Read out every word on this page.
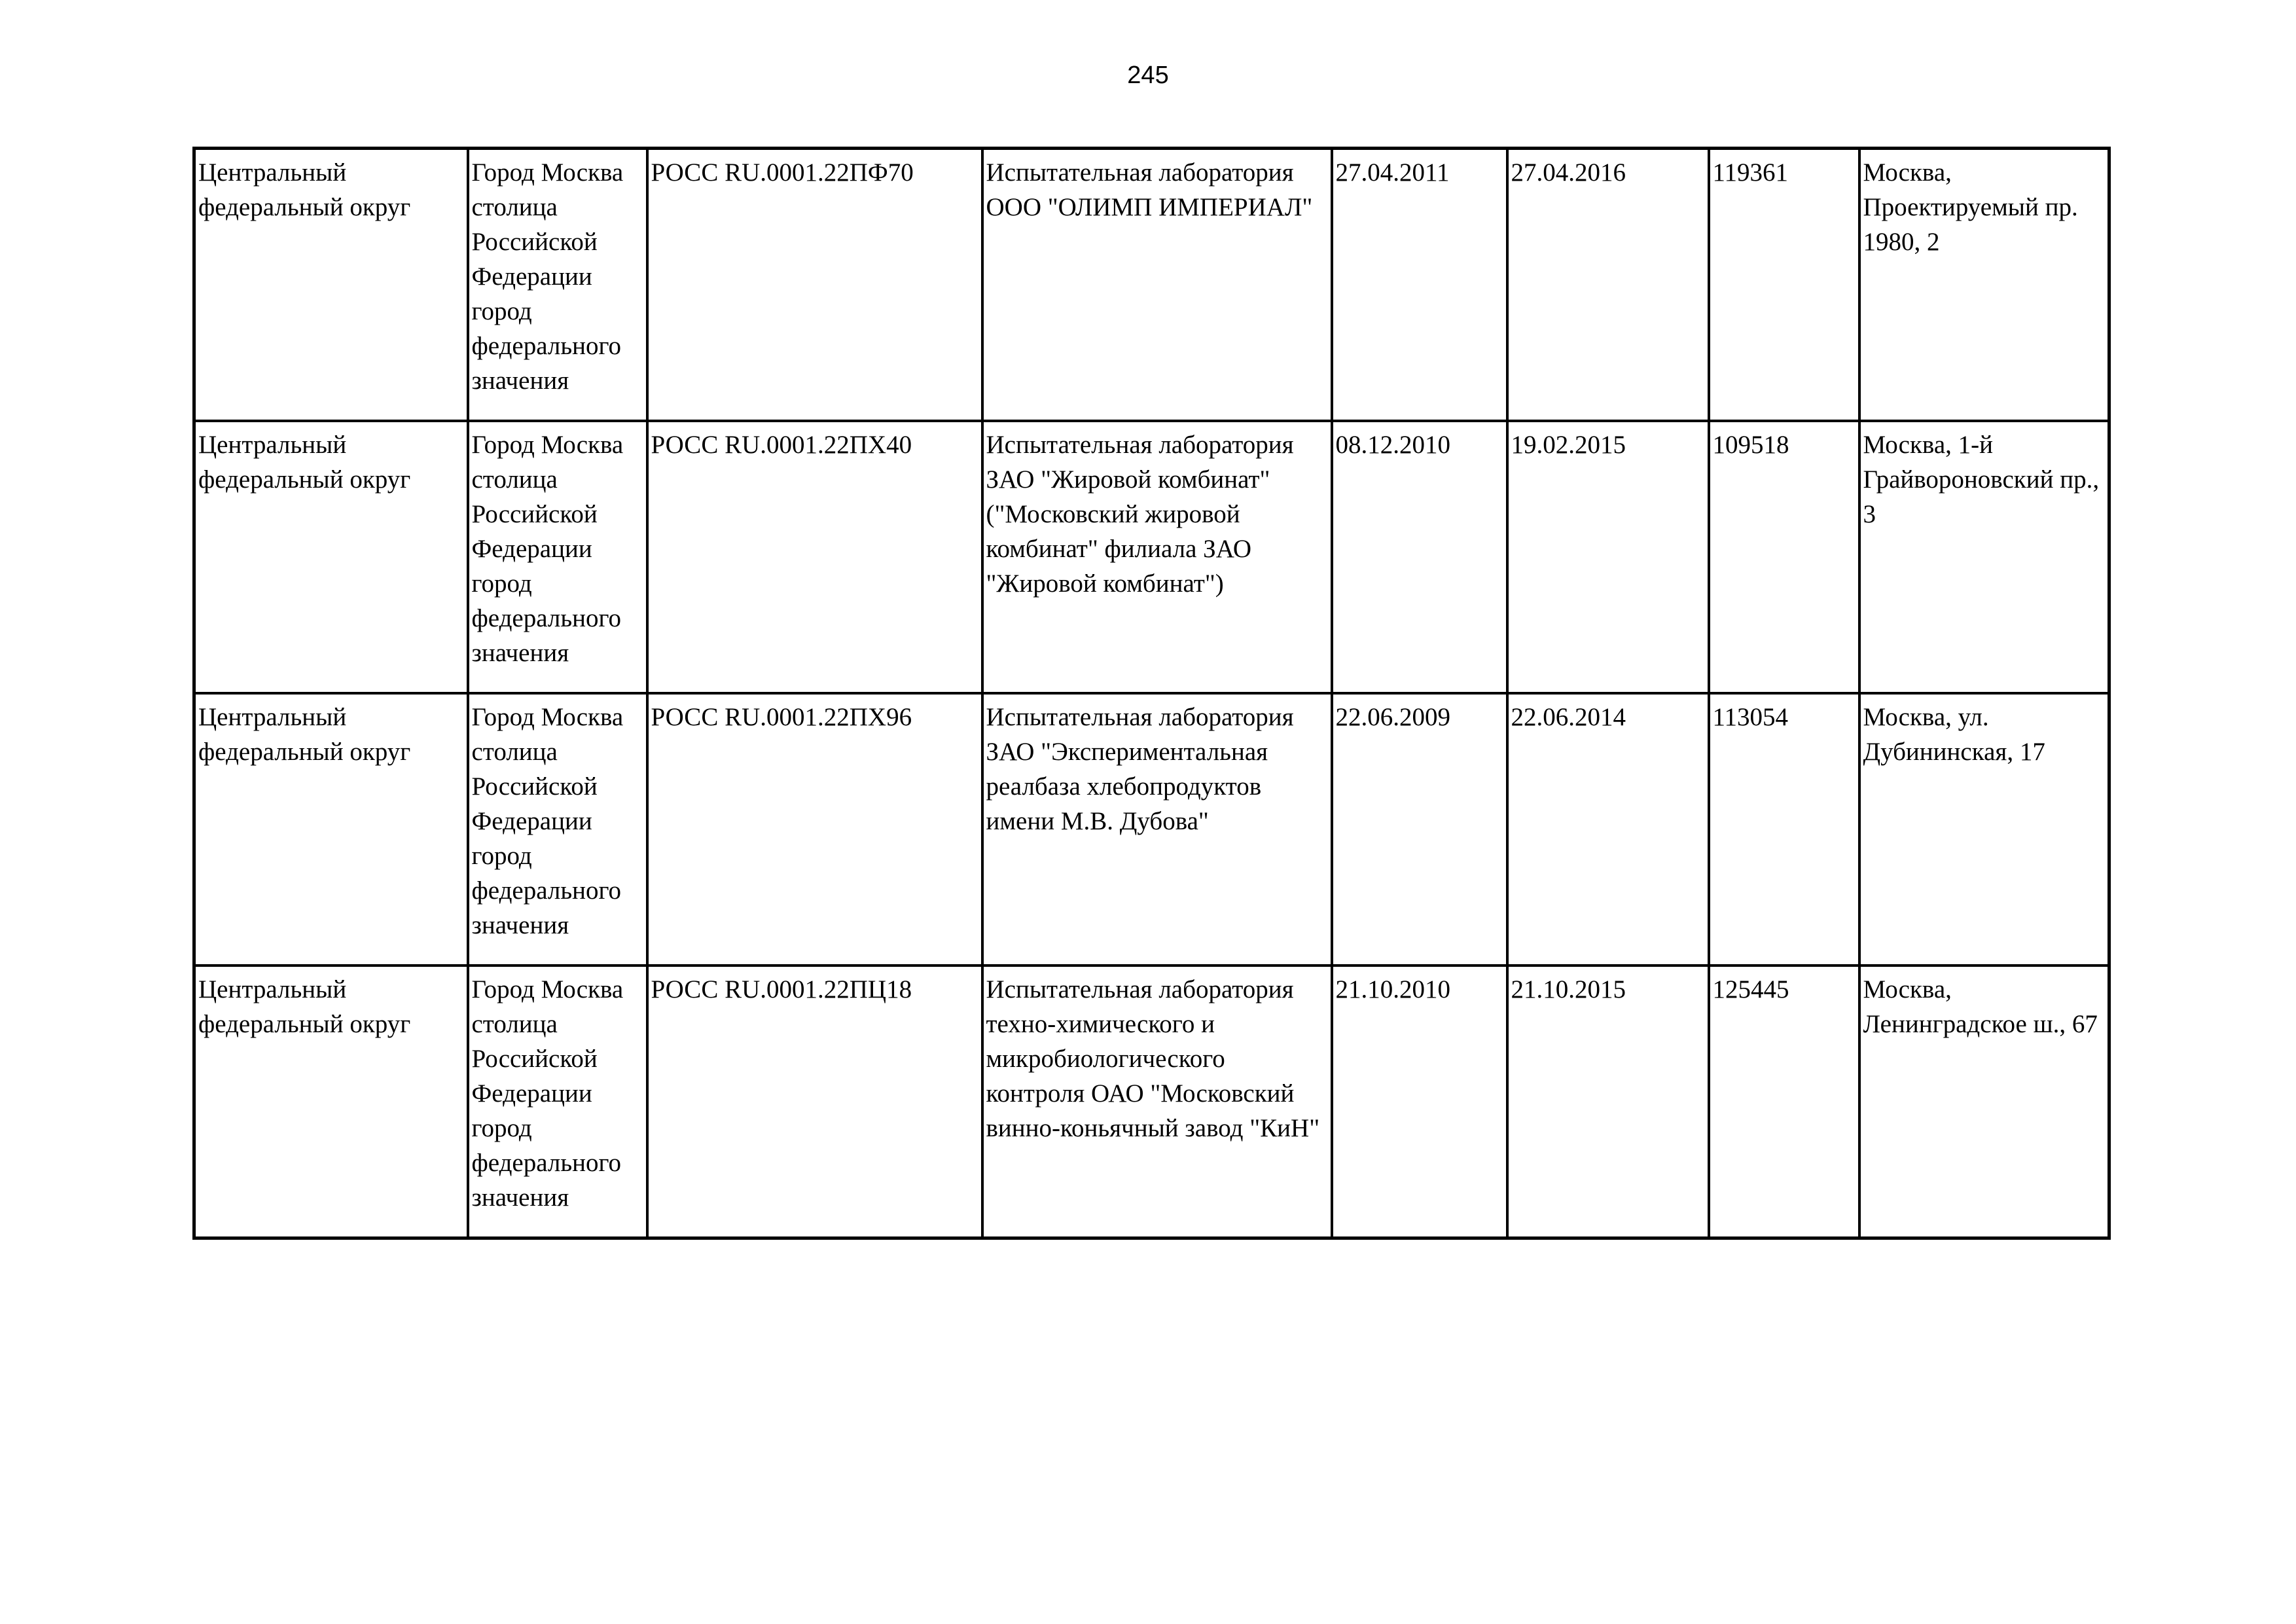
245
Центральный федеральный округ	Город Москва столица Российской Федерации город федерального значения	РОСС RU.0001.22ПФ70	Испытательная лаборатория ООО "ОЛИМП ИМПЕРИАЛ"	27.04.2011	27.04.2016	119361	Москва, Проектируемый пр. 1980, 2

Центральный федеральный округ	Город Москва столица Российской Федерации город федерального значения	РОСС RU.0001.22ПХ40	Испытательная лаборатория ЗАО "Жировой комбинат" ("Московский жировой комбинат" филиала ЗАО "Жировой комбинат")	08.12.2010	19.02.2015	109518	Москва, 1-й Грайвороновский пр., 3

Центральный федеральный округ	Город Москва столица Российской Федерации город федерального значения	РОСС RU.0001.22ПХ96	Испытательная лаборатория ЗАО "Экспериментальная реалбаза хлебопродуктов имени М.В. Дубова"	22.06.2009	22.06.2014	113054	Москва, ул. Дубининская, 17

Центральный федеральный округ	Город Москва столица Российской Федерации город федерального значения	РОСС RU.0001.22ПЦ18	Испытательная лаборатория техно-химического и микробиологического контроля ОАО "Московский винно-коньячный завод "КиН"	21.10.2010	21.10.2015	125445	Москва, Ленинградское ш., 67
